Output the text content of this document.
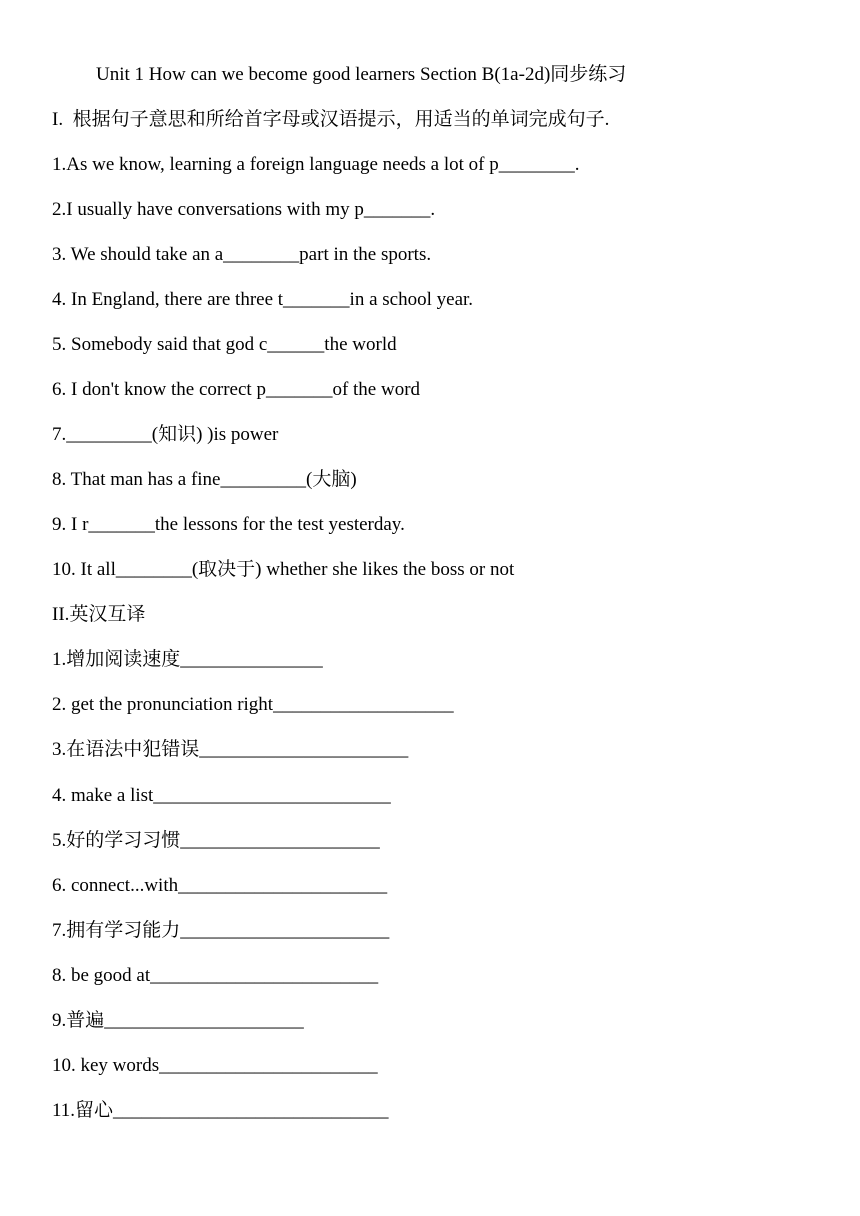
Unit 1 How can we become good learners Section B(1a-2d)同步练习
I.  根据句子意思和所给首字母或汉语提示，用适当的单词完成句子.
1.As we know, learning a foreign language needs a lot of p________.
2.I usually have conversations with my p_______.
3. We should take an a________part in the sports.
4. In England, there are three t_______in a school year.
5. Somebody said that god c______the world
6. I don't know the correct p_______of the word
7._________(知识) )is power
8. That man has a fine_________(大脑)
9. I r_______the lessons for the test yesterday.
10. It all________(取决于) whether she likes the boss or not
II.英汉互译
1.增加阅读速度_______________
2. get the pronunciation right___________________
3.在语法中犯错误______________________
4. make a list_________________________
5.好的学习习惯_____________________
6. connect...with______________________
7.拥有学习能力______________________
8. be good at________________________
9.普遍_____________________
10. key words_______________________
11.留心_____________________________
